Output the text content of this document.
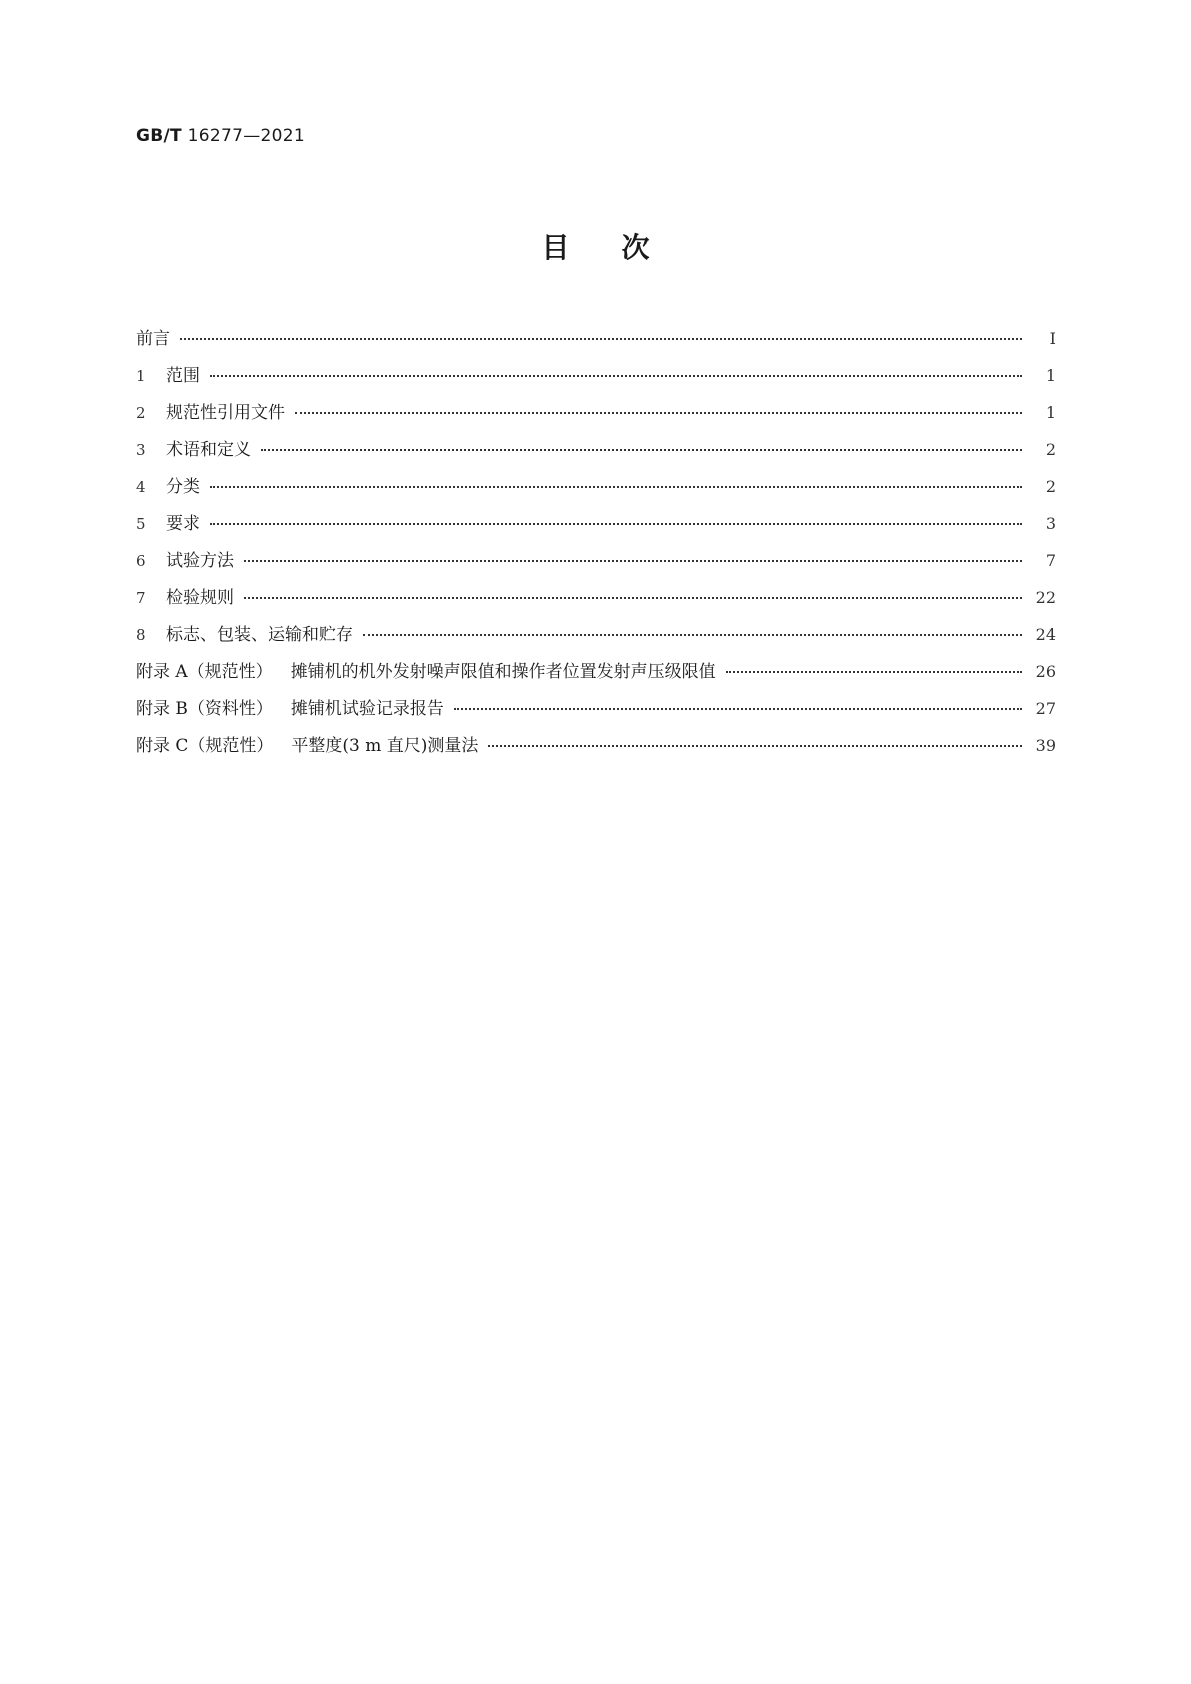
GB/T 16277—2021
目次
前言	Ⅰ
1	范围	1
2	规范性引用文件	1
3	术语和定义	2
4	分类	2
5	要求	3
6	试验方法	7
7	检验规则	22
8	标志、包装、运输和贮存	24
附录 A（规范性） 摊铺机的机外发射噪声限值和操作者位置发射声压级限值	26
附录 B（资料性） 摊铺机试验记录报告	27
附录 C（规范性） 平整度(3 m 直尺)测量法	39
